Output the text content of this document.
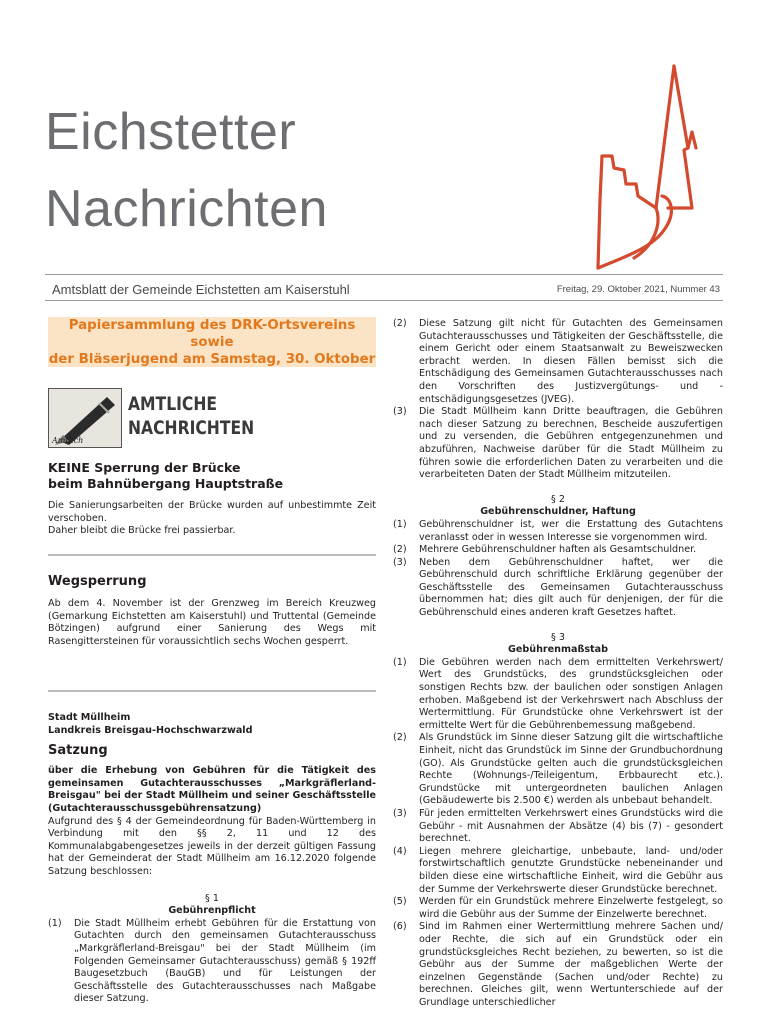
Eichstetter
Nachrichten
Amtsblatt der Gemeinde Eichstetten am Kaiserstuhl	Freitag, 29. Oktober 2021, Nummer 43
Papiersammlung des DRK-Ortsvereins sowie
der Bläserjugend am Samstag, 30. Oktober
Amtlich
AMTLICHE
NACHRICHTEN
KEINE Sperrung der Brücke
beim Bahnübergang Hauptstraße
Die Sanierungsarbeiten der Brücke wurden auf unbestimmte Zeit verschoben.
Daher bleibt die Brücke frei passierbar.
Wegsperrung
Ab dem 4. November ist der Grenzweg im Bereich Kreuzweg (Gemarkung Eichstetten am Kaiserstuhl) und Truttental (Gemeinde Bötzingen) aufgrund einer Sanierung des Wegs mit Rasengittersteinen für voraussichtlich sechs Wochen gesperrt.
Stadt Müllheim
Landkreis Breisgau-Hochschwarzwald
Satzung
über die Erhebung von Gebühren für die Tätigkeit des gemeinsamen Gutachterausschusses „Markgräflerland-Breisgau" bei der Stadt Müllheim und seiner Geschäftsstelle (Gutachterausschussgebührensatzung)
Aufgrund des § 4 der Gemeindeordnung für Baden-Württemberg in Verbindung mit den §§ 2, 11 und 12 des Kommunalabgabengesetzes jeweils in der derzeit gültigen Fassung hat der Gemeinderat der Stadt Müllheim am 16.12.2020 folgende Satzung beschlossen:
§ 1
Gebührenpflicht
(1)	Die Stadt Müllheim erhebt Gebühren für die Erstattung von Gutachten durch den gemeinsamen Gutachterausschuss „Markgräflerland-Breisgau" bei der Stadt Müllheim (im Folgenden Gemeinsamer Gutachterausschuss) gemäß § 192ff Baugesetzbuch (BauGB) und für Leistungen der Geschäftsstelle des Gutachterausschusses nach Maßgabe dieser Satzung.
(2)	Diese Satzung gilt nicht für Gutachten des Gemeinsamen Gutachterausschusses und Tätigkeiten der Geschäftsstelle, die einem Gericht oder einem Staatsanwalt zu Beweiszwecken erbracht werden. In diesen Fällen bemisst sich die Entschädigung des Gemeinsamen Gutachterausschusses nach den Vorschriften des Justizvergütungs- und -entschädigungsgesetzes (JVEG).
(3)	Die Stadt Müllheim kann Dritte beauftragen, die Gebühren nach dieser Satzung zu berechnen, Bescheide auszufertigen und zu versenden, die Gebühren entgegenzunehmen und abzuführen, Nachweise darüber für die Stadt Müllheim zu führen sowie die erforderlichen Daten zu verarbeiten und die verarbeiteten Daten der Stadt Müllheim mitzuteilen.
§ 2
Gebührenschuldner, Haftung
(1)	Gebührenschuldner ist, wer die Erstattung des Gutachtens veranlasst oder in wessen Interesse sie vorgenommen wird.
(2)	Mehrere Gebührenschuldner haften als Gesamtschuldner.
(3)	Neben dem Gebührenschuldner haftet, wer die Gebührenschuld durch schriftliche Erklärung gegenüber der Geschäftsstelle des Gemeinsamen Gutachterausschuss übernommen hat; dies gilt auch für denjenigen, der für die Gebührenschuld eines anderen kraft Gesetzes haftet.
§ 3
Gebührenmaßstab
(1)	Die Gebühren werden nach dem ermittelten Verkehrswert/ Wert des Grundstücks, des grundstücksgleichen oder sonstigen Rechts bzw. der baulichen oder sonstigen Anlagen erhoben. Maßgebend ist der Verkehrswert nach Abschluss der Wertermittlung. Für Grundstücke ohne Verkehrswert ist der ermittelte Wert für die Gebührenbemessung maßgebend.
(2)	Als Grundstück im Sinne dieser Satzung gilt die wirtschaftliche Einheit, nicht das Grundstück im Sinne der Grundbuchordnung (GO). Als Grundstücke gelten auch die grundstücksgleichen Rechte (Wohnungs-/Teileigentum, Erbbaurecht etc.). Grundstücke mit untergeordneten baulichen Anlagen (Gebäudewerte bis 2.500 €) werden als unbebaut behandelt.
(3)	Für jeden ermittelten Verkehrswert eines Grundstücks wird die Gebühr - mit Ausnahmen der Absätze (4) bis (7) - gesondert berechnet.
(4)	Liegen mehrere gleichartige, unbebaute, land- und/oder forstwirtschaftlich genutzte Grundstücke nebeneinander und bilden diese eine wirtschaftliche Einheit, wird die Gebühr aus der Summe der Verkehrswerte dieser Grundstücke berechnet.
(5)	Werden für ein Grundstück mehrere Einzelwerte festgelegt, so wird die Gebühr aus der Summe der Einzelwerte berechnet.
(6)	Sind im Rahmen einer Wertermittlung mehrere Sachen und/ oder Rechte, die sich auf ein Grundstück oder ein grundstücksgleiches Recht beziehen, zu bewerten, so ist die Gebühr aus der Summe der maßgeblichen Werte der einzelnen Gegenstände (Sachen und/oder Rechte) zu berechnen. Gleiches gilt, wenn Wertunterschiede auf der Grundlage unterschiedlicher
